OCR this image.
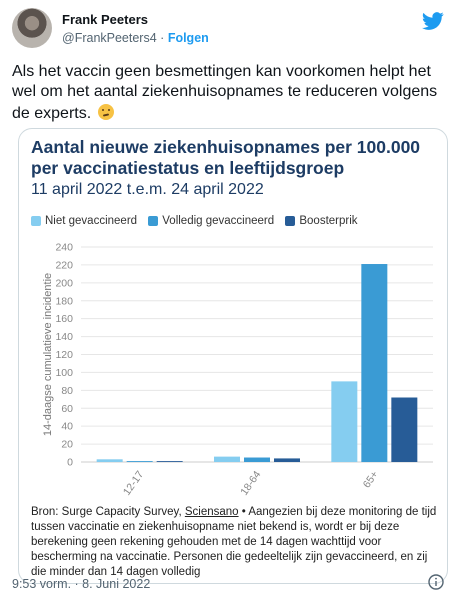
Frank Peeters
@FrankPeeters4 · Folgen
Als het vaccin geen besmettingen kan voorkomen helpt het wel om het aantal ziekenhuisopnames te reduceren volgens de experts.
Aantal nieuwe ziekenhuisopnames per 100.000 per vaccinatiestatus en leeftijdsgroep
11 april 2022 t.e.m. 24 april 2022
Niet gevaccineerd
Volledig gevaccineerd
Boosterprik
0
20
40
60
80
100
120
140
160
180
200
220
240
14-daagse cumulatieve incidentie
12-17	18-64	65+
Bron: Surge Capacity Survey, Sciensano • Aangezien bij deze monitoring de tijd tussen vaccinatie en ziekenhuisopname niet bekend is, wordt er bij deze berekening geen rekening gehouden met de 14 dagen wachttijd voor bescherming na vaccinatie. Personen die gedeeltelijk zijn gevaccineerd, en zij die minder dan 14 dagen volledig
9:53 vorm. · 8. Juni 2022
